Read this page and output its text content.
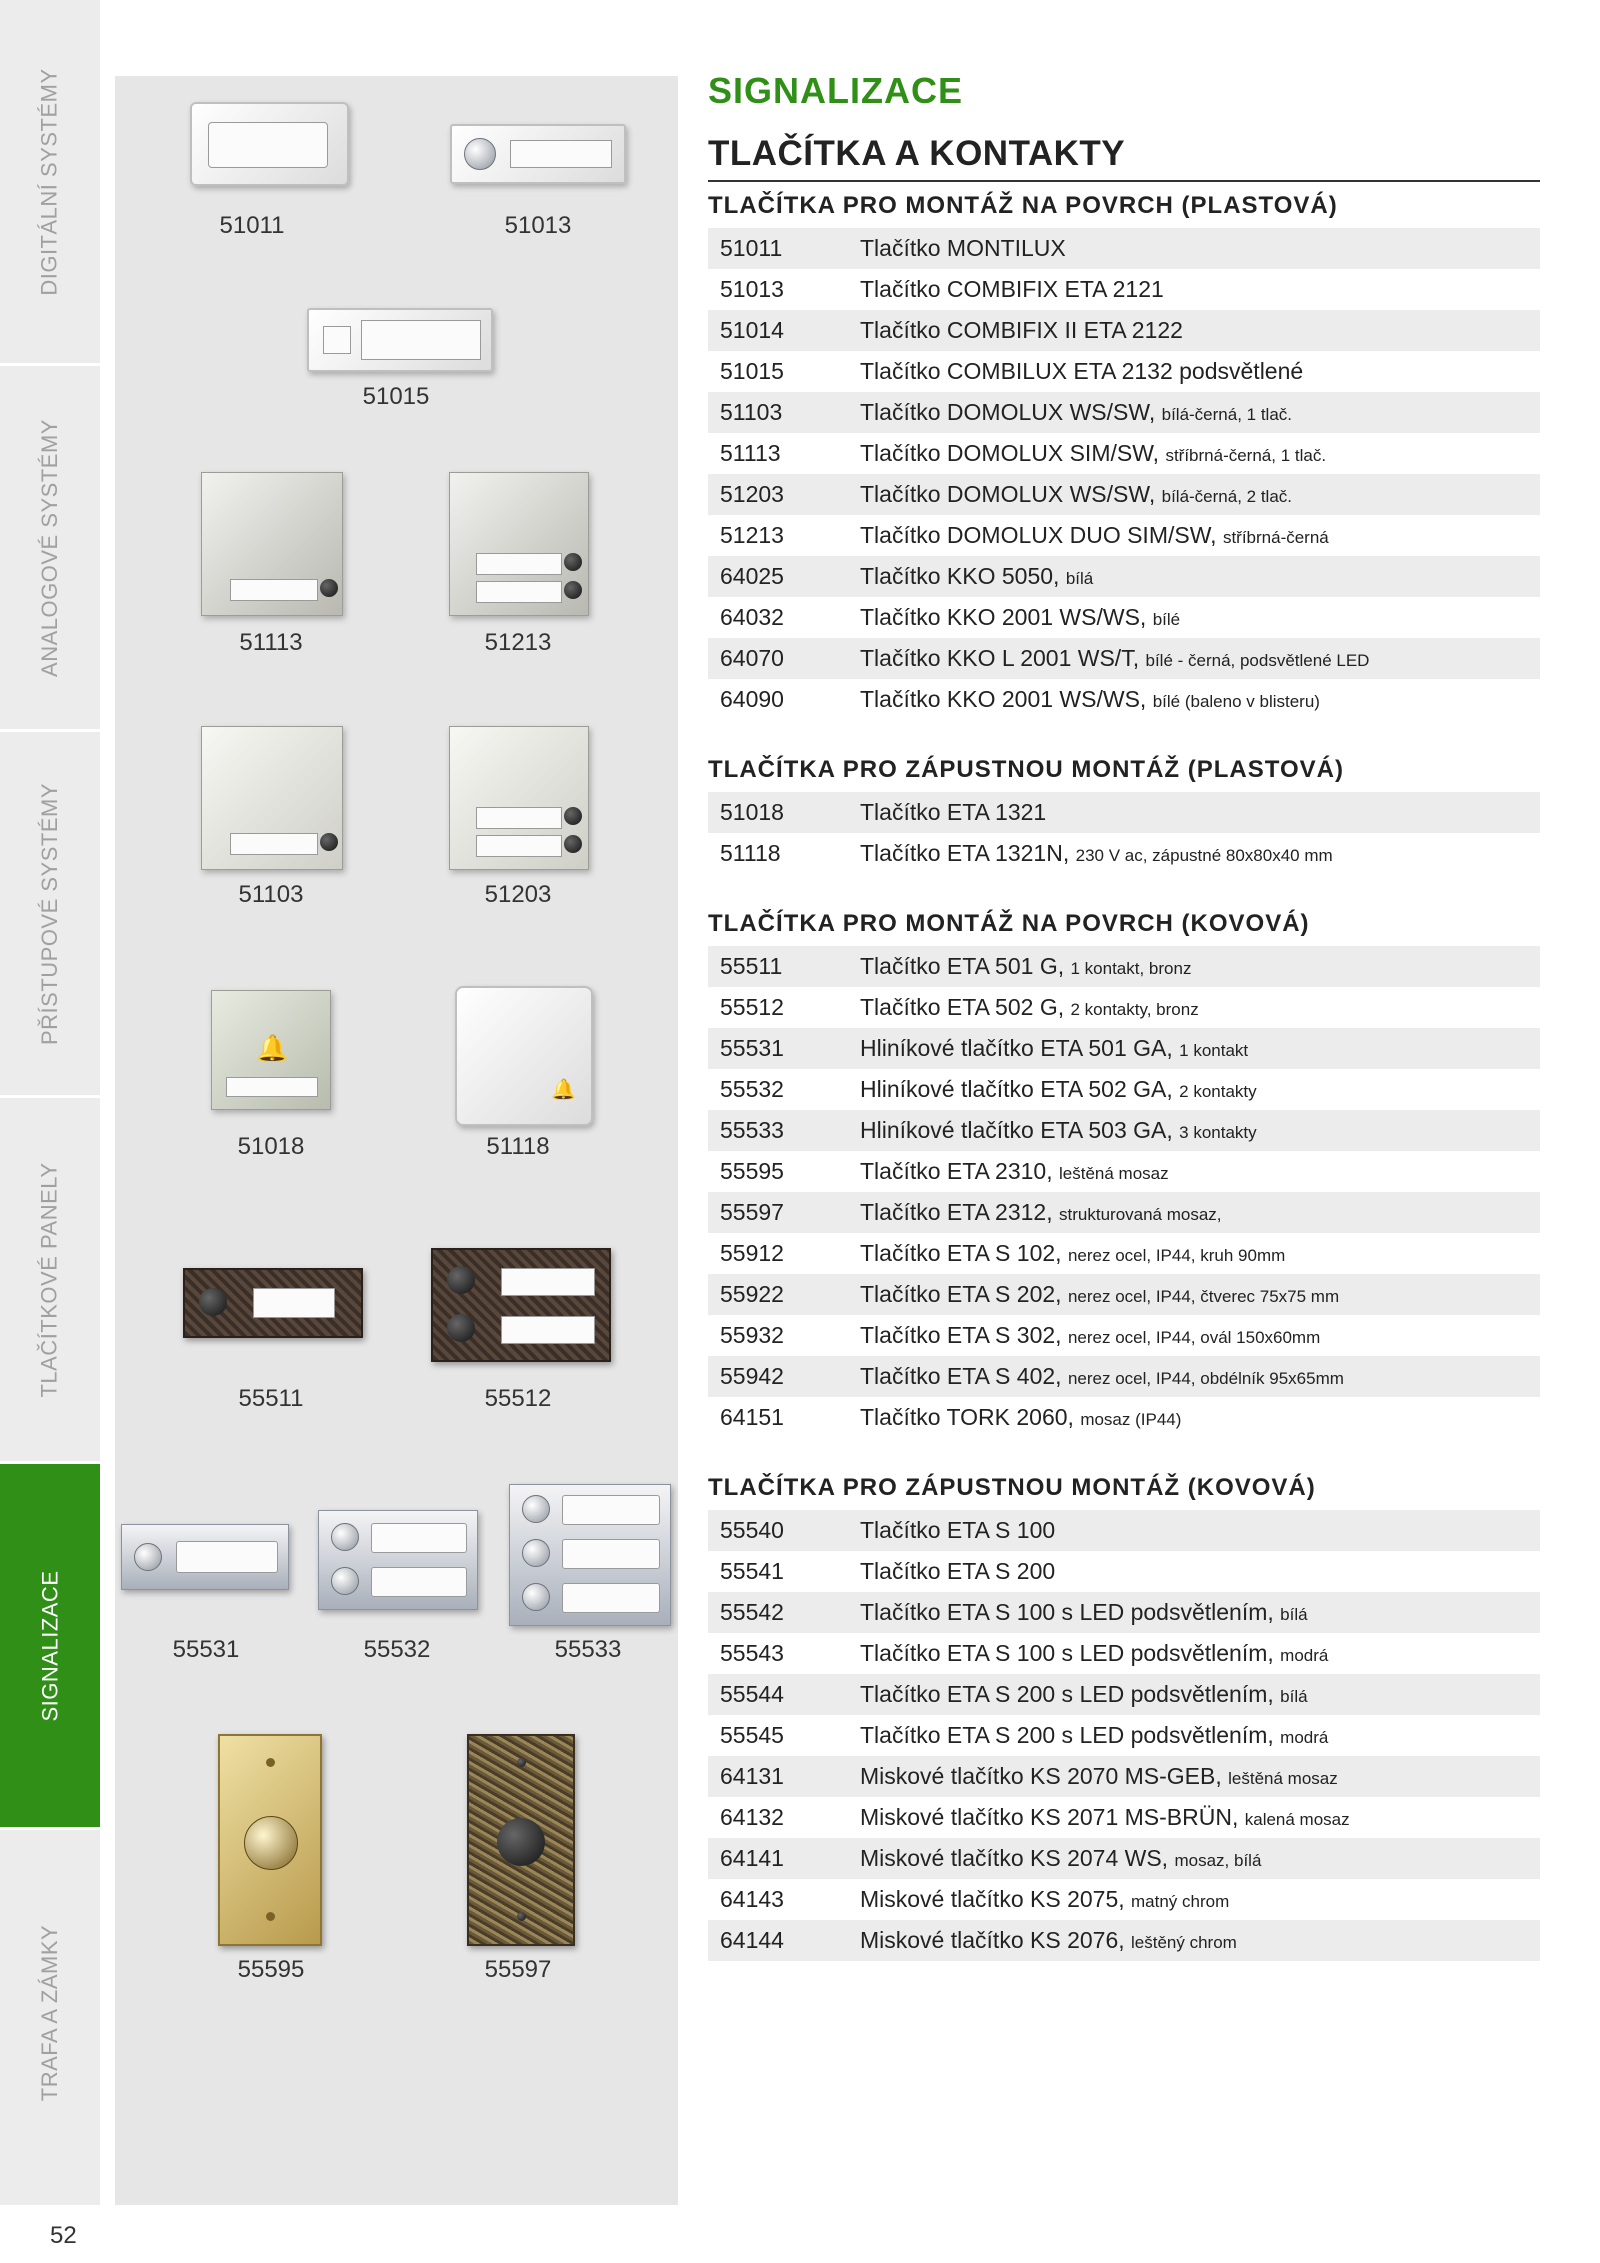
DIGITÁLNÍ SYSTÉMY
ANALOGOVÉ SYSTÉMY
PŘÍSTUPOVÉ SYSTÉMY
TLAČÍTKOVÉ PANELY
SIGNALIZACE
TRAFA A ZÁMKY
52
51011	51013
51015
51113	51213
51103	51203
🔔
51018
🔔
51118
55511	55512
55531	55532	55533
55595	55597
SIGNALIZACE
TLAČÍTKA A KONTAKTY
TLAČÍTKA PRO MONTÁŽ NA POVRCH (PLASTOVÁ)
51011	Tlačítko MONTILUX
51013	Tlačítko COMBIFIX ETA 2121
51014	Tlačítko COMBIFIX II ETA 2122
51015	Tlačítko COMBILUX ETA 2132 podsvětlené
51103	Tlačítko DOMOLUX WS/SW, bílá-černá, 1 tlač.
51113	Tlačítko DOMOLUX SIM/SW, stříbrná-černá, 1 tlač.
51203	Tlačítko DOMOLUX WS/SW, bílá-černá, 2 tlač.
51213	Tlačítko DOMOLUX DUO SIM/SW, stříbrná-černá
64025	Tlačítko KKO 5050, bílá
64032	Tlačítko KKO 2001 WS/WS, bílé
64070	Tlačítko KKO L 2001 WS/T, bílé - černá, podsvětlené LED
64090	Tlačítko KKO 2001 WS/WS, bílé (baleno v blisteru)
TLAČÍTKA PRO ZÁPUSTNOU MONTÁŽ (PLASTOVÁ)
51018	Tlačítko ETA 1321
51118	Tlačítko ETA 1321N, 230 V ac, zápustné 80x80x40 mm
TLAČÍTKA PRO MONTÁŽ NA POVRCH (KOVOVÁ)
55511	Tlačítko ETA 501 G, 1 kontakt, bronz
55512	Tlačítko ETA 502 G, 2 kontakty, bronz
55531	Hliníkové tlačítko ETA 501 GA, 1 kontakt
55532	Hliníkové tlačítko ETA 502 GA, 2 kontakty
55533	Hliníkové tlačítko ETA 503 GA, 3 kontakty
55595	Tlačítko ETA 2310, leštěná mosaz
55597	Tlačítko ETA 2312, strukturovaná mosaz,
55912	Tlačítko ETA S 102, nerez ocel, IP44, kruh 90mm
55922	Tlačítko ETA S 202, nerez ocel, IP44, čtverec 75x75 mm
55932	Tlačítko ETA S 302, nerez ocel, IP44, ovál 150x60mm
55942	Tlačítko ETA S 402, nerez ocel, IP44, obdélník 95x65mm
64151	Tlačítko TORK 2060, mosaz (IP44)
TLAČÍTKA PRO ZÁPUSTNOU MONTÁŽ (KOVOVÁ)
55540	Tlačítko ETA S 100
55541	Tlačítko ETA S 200
55542	Tlačítko ETA S 100 s LED podsvětlením, bílá
55543	Tlačítko ETA S 100 s LED podsvětlením, modrá
55544	Tlačítko ETA S 200 s LED podsvětlením, bílá
55545	Tlačítko ETA S 200 s LED podsvětlením, modrá
64131	Miskové tlačítko KS 2070 MS-GEB, leštěná mosaz
64132	Miskové tlačítko KS 2071 MS-BRÜN, kalená mosaz
64141	Miskové tlačítko KS 2074 WS, mosaz, bílá
64143	Miskové tlačítko KS 2075, matný chrom
64144	Miskové tlačítko KS 2076, leštěný chrom
